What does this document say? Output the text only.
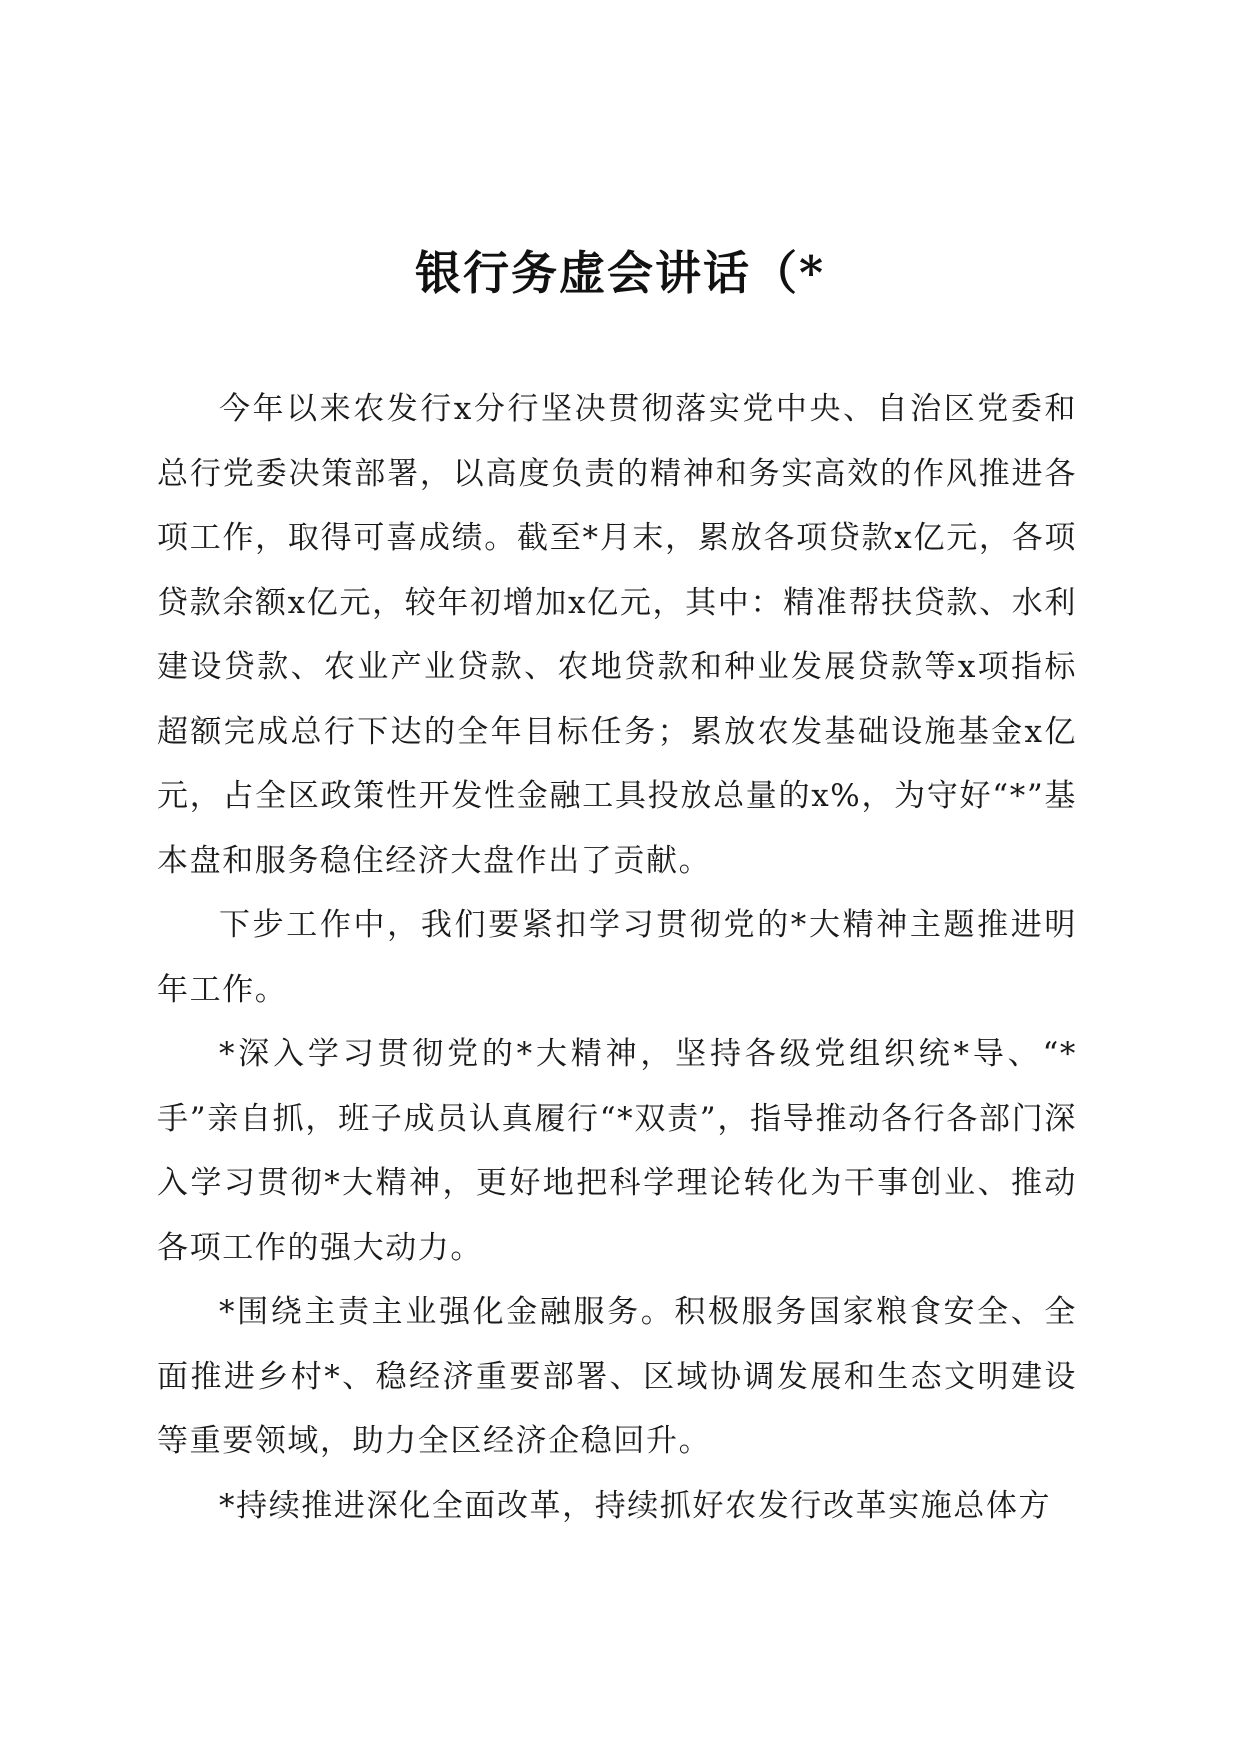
银行务虚会讲话（*

今年以来农发行x分行坚决贯彻落实党中央、自治区党委和总行党委决策部署，以高度负责的精神和务实高效的作风推进各项工作，取得可喜成绩。截至*月末，累放各项贷款x亿元，各项贷款余额x亿元，较年初增加x亿元，其中：精准帮扶贷款、水利建设贷款、农业产业贷款、农地贷款和种业发展贷款等x项指标超额完成总行下达的全年目标任务；累放农发基础设施基金x亿元，占全区政策性开发性金融工具投放总量的x%，为守好“*”基本盘和服务稳住经济大盘作出了贡献。

下步工作中，我们要紧扣学习贯彻党的*大精神主题推进明年工作。

*深入学习贯彻党的*大精神，坚持各级党组织统*导、“*手”亲自抓，班子成员认真履行“*双责”，指导推动各行各部门深入学习贯彻*大精神，更好地把科学理论转化为干事创业、推动各项工作的强大动力。

*围绕主责主业强化金融服务。积极服务国家粮食安全、全面推进乡村*、稳经济重要部署、区域协调发展和生态文明建设等重要领域，助力全区经济企稳回升。

*持续推进深化全面改革，持续抓好农发行改革实施总体方
